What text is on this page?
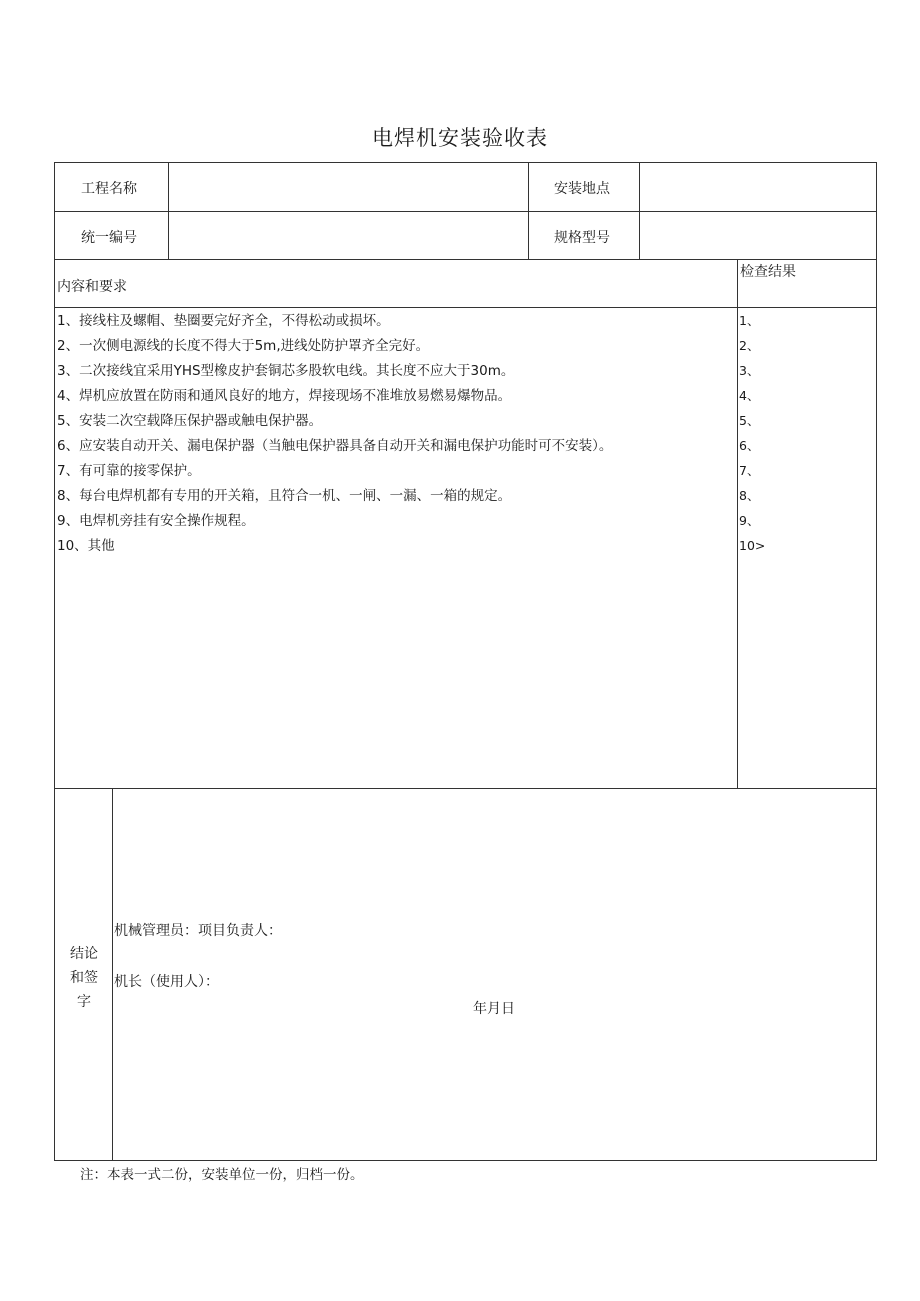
电焊机安装验收表
工程名称	安装地点
统一编号	规格型号
内容和要求
检查结果
1、接线柱及螺帽、垫圈要完好齐全，不得松动或损坏。
2、一次侧电源线的长度不得大于5m,进线处防护罩齐全完好。
3、二次接线宜采用YHS型橡皮护套铜芯多股软电线。其长度不应大于30m。
4、焊机应放置在防雨和通风良好的地方，焊接现场不准堆放易燃易爆物品。
5、安装二次空载降压保护器或触电保护器。
6、应安装自动开关、漏电保护器（当触电保护器具备自动开关和漏电保护功能时可不安装）。
7、有可靠的接零保护。
8、每台电焊机都有专用的开关箱，且符合一机、一闸、一漏、一箱的规定。
9、电焊机旁挂有安全操作规程。
10、其他
1、
2、
3、
4、
5、
6、
7、
8、
9、
10>
结论
和签
字
机械管理员：项目负责人：
机长（使用人）：
年月日
注：本表一式二份，安装单位一份，归档一份。
